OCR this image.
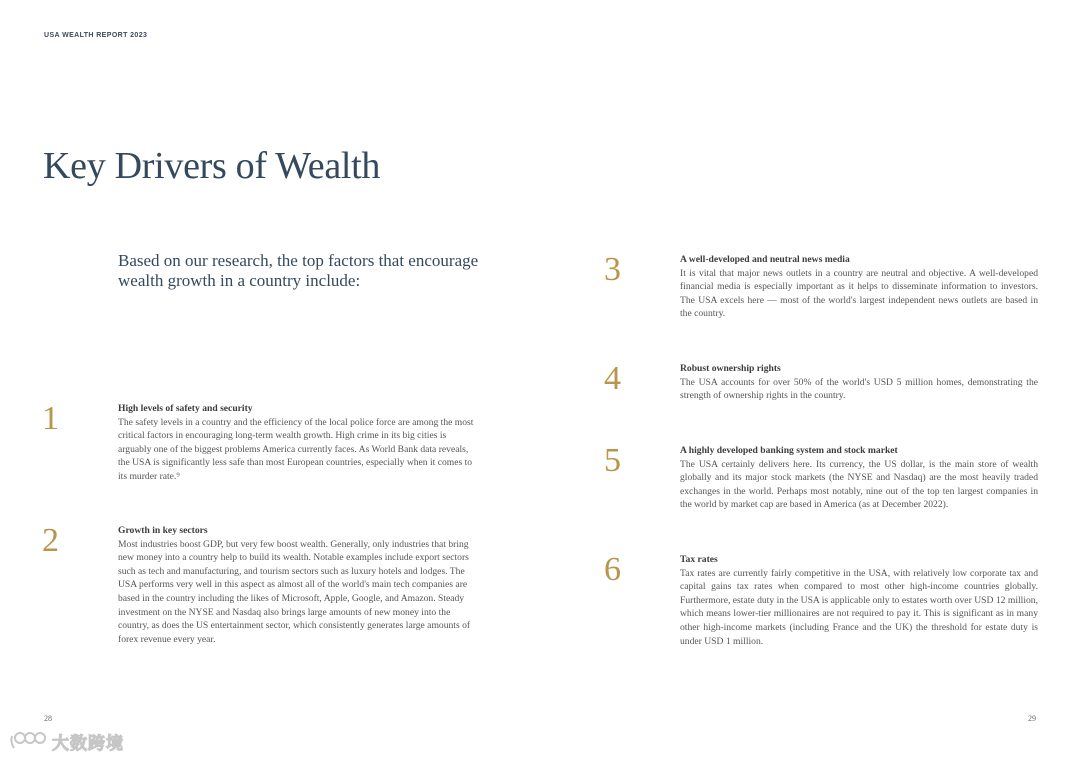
USA WEALTH REPORT 2023
Key Drivers of Wealth
Based on our research, the top factors that encourage wealth growth in a country include:
1	High levels of safety and security
The safety levels in a country and the efficiency of the local police force are among the most critical factors in encouraging long-term wealth growth. High crime in its big cities is arguably one of the biggest problems America currently faces. As World Bank data reveals, the USA is significantly less safe than most European countries, especially when it comes to its murder rate.⁹
2	Growth in key sectors
Most industries boost GDP, but very few boost wealth. Generally, only industries that bring new money into a country help to build its wealth. Notable examples include export sectors such as tech and manufacturing, and tourism sectors such as luxury hotels and lodges. The USA performs very well in this aspect as almost all of the world's main tech companies are based in the country including the likes of Microsoft, Apple, Google, and Amazon. Steady investment on the NYSE and Nasdaq also brings large amounts of new money into the country, as does the US entertainment sector, which consistently generates large amounts of forex revenue every year.
3	A well-developed and neutral news media
It is vital that major news outlets in a country are neutral and objective. A well-developed financial media is especially important as it helps to disseminate information to investors. The USA excels here — most of the world's largest independent news outlets are based in the country.
4	Robust ownership rights
The USA accounts for over 50% of the world's USD 5 million homes, demonstrating the strength of ownership rights in the country.
5	A highly developed banking system and stock market
The USA certainly delivers here. Its currency, the US dollar, is the main store of wealth globally and its major stock markets (the NYSE and Nasdaq) are the most heavily traded exchanges in the world. Perhaps most notably, nine out of the top ten largest companies in the world by market cap are based in America (as at December 2022).
6	Tax rates
Tax rates are currently fairly competitive in the USA, with relatively low corporate tax and capital gains tax rates when compared to most other high-income countries globally. Furthermore, estate duty in the USA is applicable only to estates worth over USD 12 million, which means lower-tier millionaires are not required to pay it. This is significant as in many other high-income markets (including France and the UK) the threshold for estate duty is under USD 1 million.
28	29
大数跨境
